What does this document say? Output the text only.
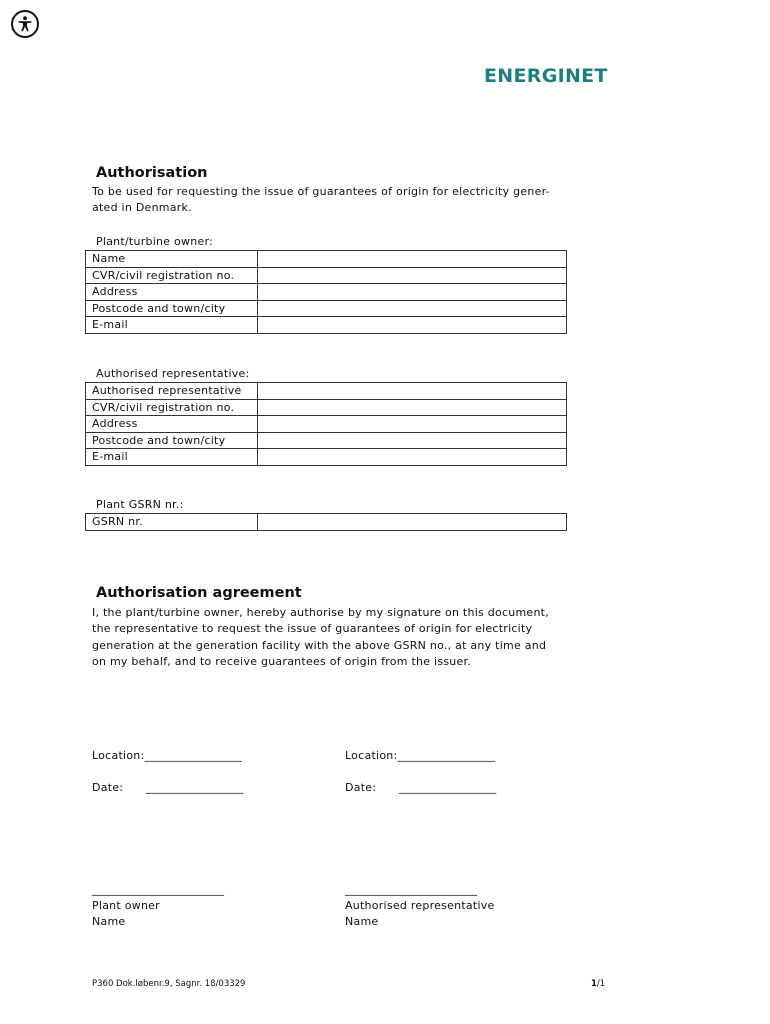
ENERGINET
Authorisation
To be used for requesting the issue of guarantees of origin for electricity gener-ated in Denmark.
Plant/turbine owner:
Name	
CVR/civil registration no.	
Address	
Postcode and town/city	
E-mail	
Authorised representative:
Authorised representative	
CVR/civil registration no.	
Address	
Postcode and town/city	
E-mail	
Plant GSRN nr.:
GSRN nr.	
Authorisation agreement
I, the plant/turbine owner, hereby authorise by my signature on this document,
the representative to request the issue of guarantees of origin for electricity
generation at the generation facility with the above GSRN no., at any time and
on my behalf, and to receive guarantees of origin from the issuer.
Location:_________________	Location:_________________
Date:      _________________	Date:      _________________
_______________________	_______________________
Plant owner
Name
Authorised representative
Name
P360 Dok.løbenr.9, Sagnr. 18/03329	1/1
